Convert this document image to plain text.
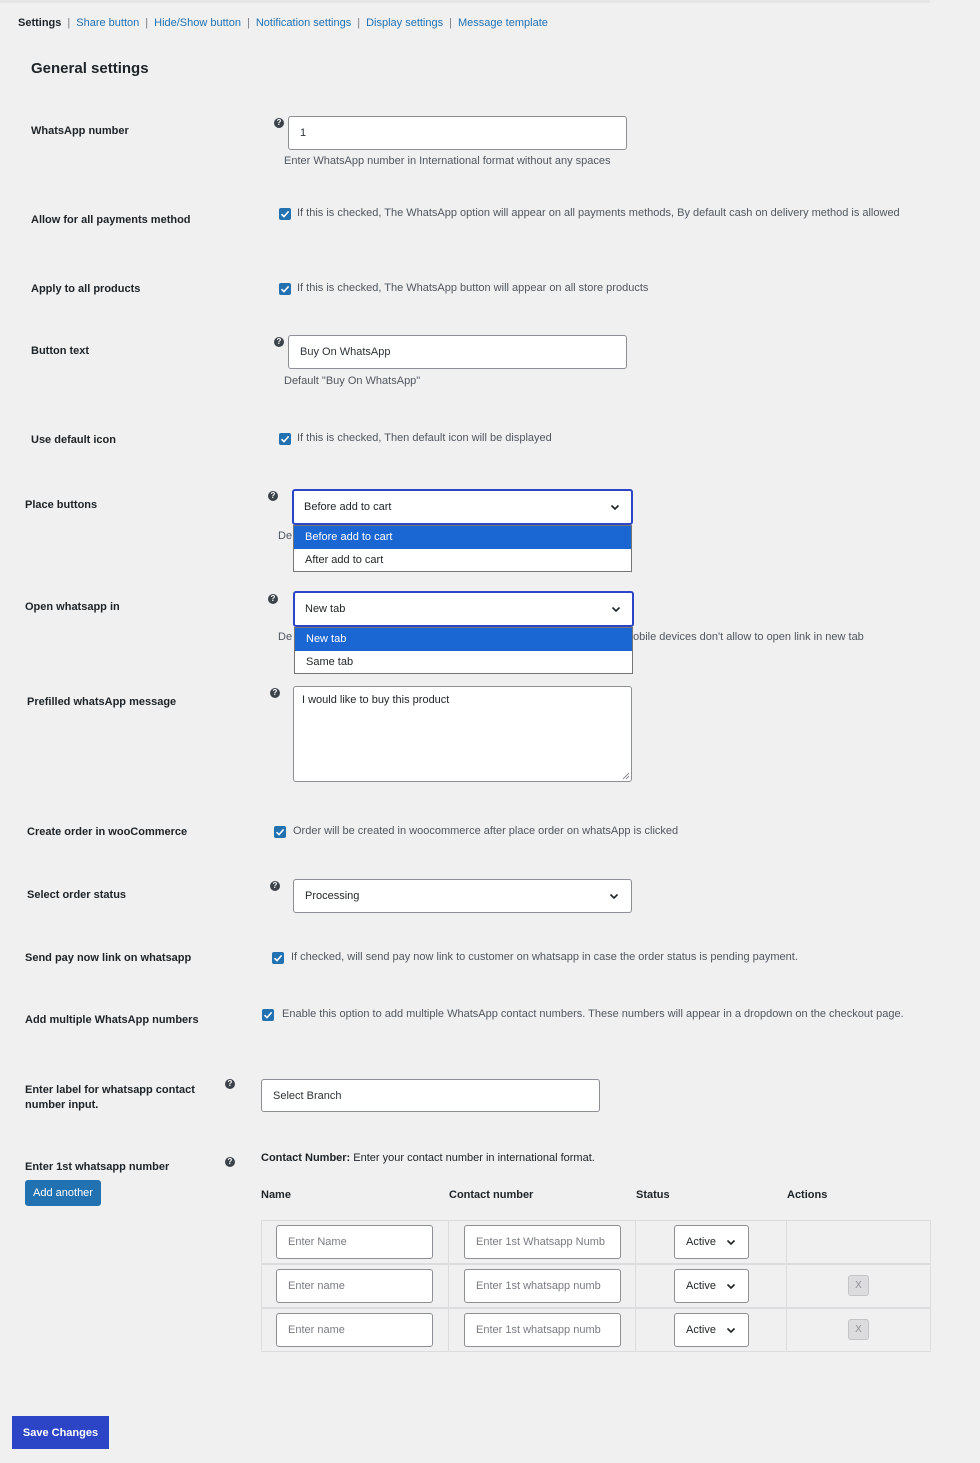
Settings | Share button | Hide/Show button | Notification settings | Display settings | Message template
General settings
WhatsApp number
?
1
Enter WhatsApp number in International format without any spaces
Allow for all payments method
If this is checked, The WhatsApp option will appear on all payments methods, By default cash on delivery method is allowed
Apply to all products	If this is checked, The WhatsApp button will appear on all store products
Button text
?
Buy On WhatsApp
Default "Buy On WhatsApp"
Use default icon	If this is checked, Then default icon will be displayed
Place buttons
?
De
Before add to cart
Before add to cart
After add to cart
Open whatsapp in
?
De	obile devices don't allow to open link in new tab
New tab
New tab
Same tab
Prefilled whatsApp message
?
I would like to buy this product
Create order in wooCommerce	Order will be created in woocommerce after place order on whatsApp is clicked
Select order status
?
Processing
Send pay now link on whatsapp	If checked, will send pay now link to customer on whatsapp in case the order status is pending payment.
Add multiple WhatsApp numbers	Enable this option to add multiple WhatsApp contact numbers. These numbers will appear in a dropdown on the checkout page.
Enter label for whatsapp contact number input.
?
Select Branch
Enter 1st whatsapp number	?
Add another
Contact Number: Enter your contact number in international format.
Name	Contact number	Status	Actions
Enter Name	Enter 1st Whatsapp Numb	Active
Enter name	Enter 1st whatsapp numb	Active	X
Enter name	Enter 1st whatsapp numb	Active	X
Save Changes
